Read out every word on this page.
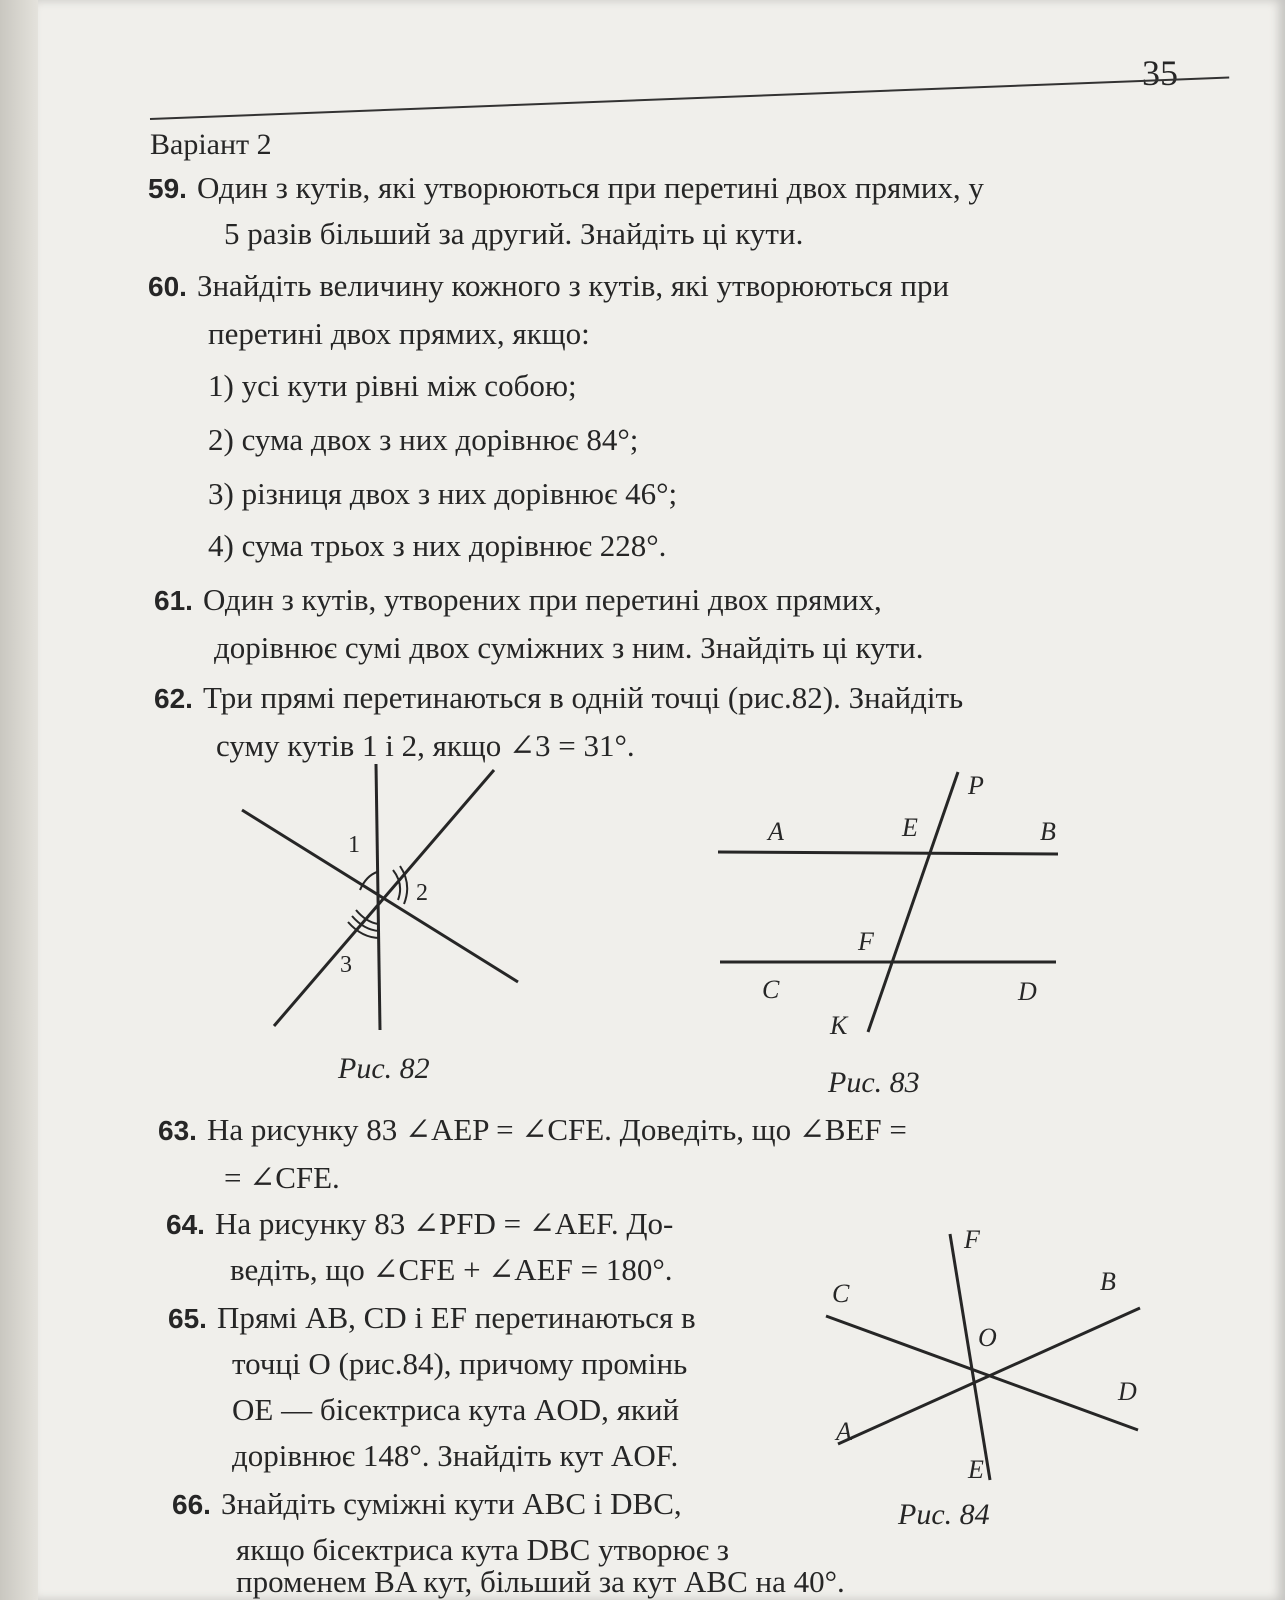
35
Варіант 2
59. Один з кутів, які утворюються при перетині двох прямих, у
5 разів більший за другий. Знайдіть ці кути.
60. Знайдіть величину кожного з кутів, які утворюються при
перетині двох прямих, якщо:
1) усі кути рівні між собою;
2) сума двох з них дорівнює 84°;
3) різниця двох з них дорівнює 46°;
4) сума трьох з них дорівнює 228°.
61. Один з кутів, утворених при перетині двох прямих,
дорівнює сумі двох суміжних з ним. Знайдіть ці кути.
62. Три прямі перетинаються в одній точці (рис.82). Знайдіть
суму кутів 1 і 2, якщо ∠3 = 31°.
1
2
3
Рис. 82
P
A	E	B
F
C	D
K
Рис. 83
63. На рисунку 83 ∠AEP = ∠CFE. Доведіть, що ∠BEF =
= ∠CFE.
64. На рисунку 83 ∠PFD = ∠AEF. До-
ведіть, що ∠CFE + ∠AEF = 180°.
65. Прямі AB, CD і EF перетинаються в
точці O (рис.84), причому промінь
OE — бісектриса кута AOD, який
дорівнює 148°. Знайдіть кут AOF.
66. Знайдіть суміжні кути ABC і DBC,
якщо бісектриса кута DBC утворює з
F
C	B
O
D
A
E
Рис. 84
променем BA кут, більший за кут ABC на 40°.
